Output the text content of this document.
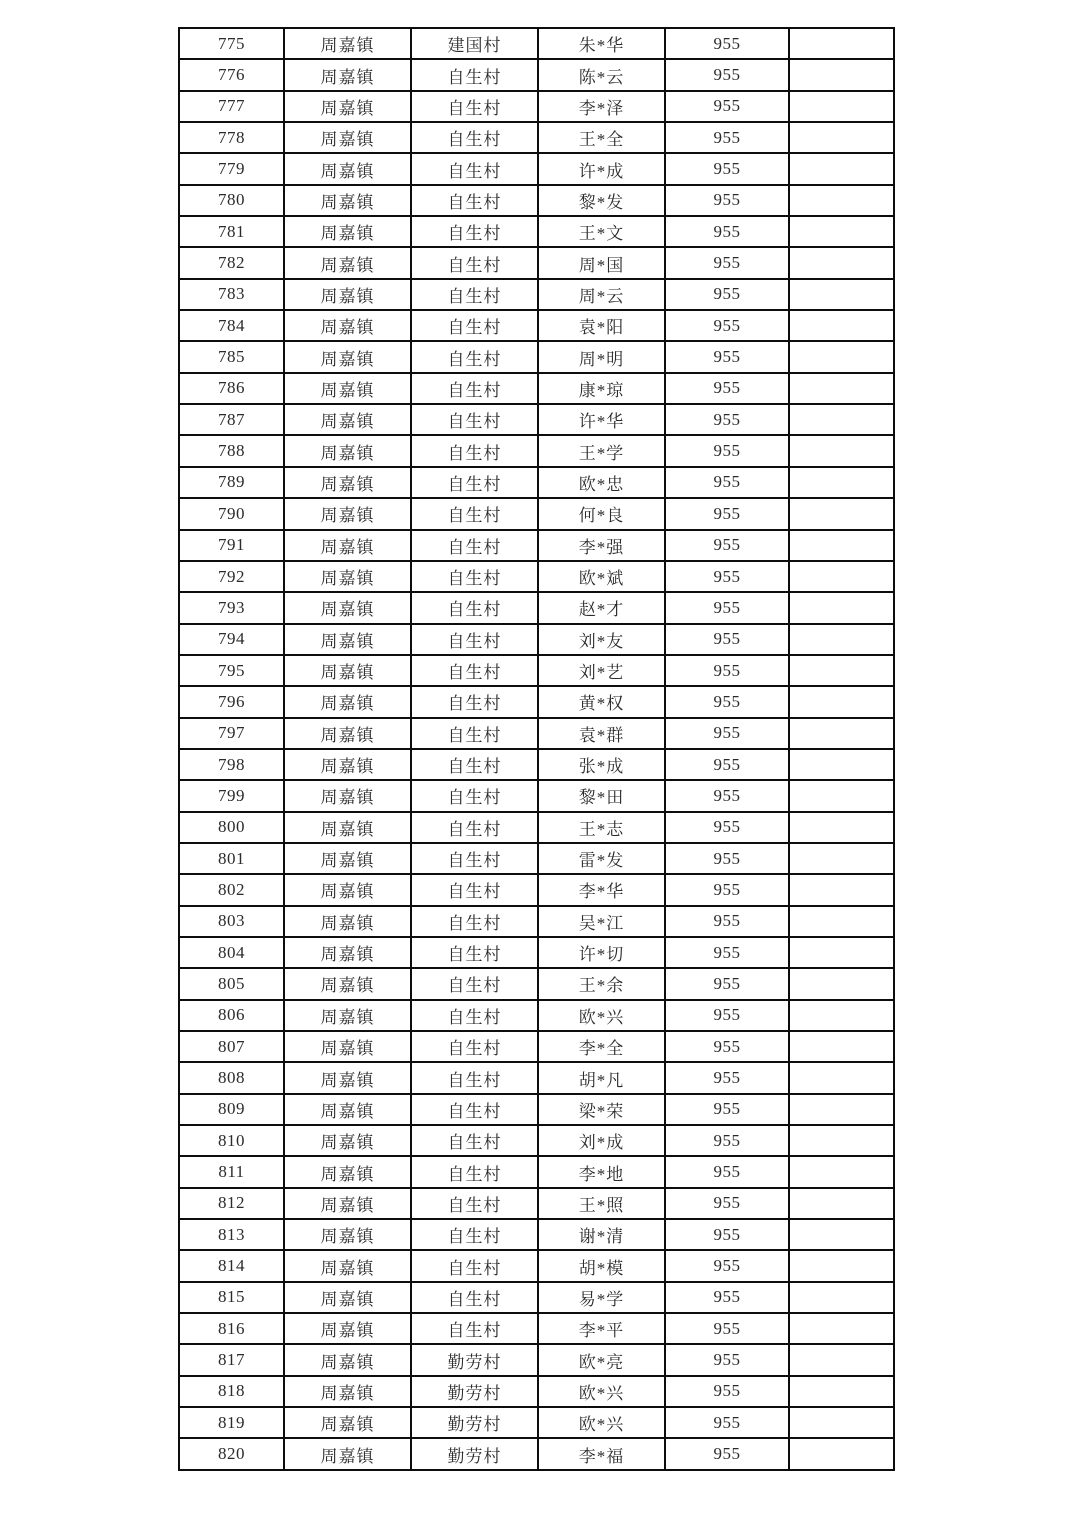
775	周嘉镇	建国村	朱*华	955	
776	周嘉镇	自生村	陈*云	955	
777	周嘉镇	自生村	李*泽	955	
778	周嘉镇	自生村	王*全	955	
779	周嘉镇	自生村	许*成	955	
780	周嘉镇	自生村	黎*发	955	
781	周嘉镇	自生村	王*文	955	
782	周嘉镇	自生村	周*国	955	
783	周嘉镇	自生村	周*云	955	
784	周嘉镇	自生村	袁*阳	955	
785	周嘉镇	自生村	周*明	955	
786	周嘉镇	自生村	康*琼	955	
787	周嘉镇	自生村	许*华	955	
788	周嘉镇	自生村	王*学	955	
789	周嘉镇	自生村	欧*忠	955	
790	周嘉镇	自生村	何*良	955	
791	周嘉镇	自生村	李*强	955	
792	周嘉镇	自生村	欧*斌	955	
793	周嘉镇	自生村	赵*才	955	
794	周嘉镇	自生村	刘*友	955	
795	周嘉镇	自生村	刘*艺	955	
796	周嘉镇	自生村	黄*权	955	
797	周嘉镇	自生村	袁*群	955	
798	周嘉镇	自生村	张*成	955	
799	周嘉镇	自生村	黎*田	955	
800	周嘉镇	自生村	王*志	955	
801	周嘉镇	自生村	雷*发	955	
802	周嘉镇	自生村	李*华	955	
803	周嘉镇	自生村	吴*江	955	
804	周嘉镇	自生村	许*切	955	
805	周嘉镇	自生村	王*余	955	
806	周嘉镇	自生村	欧*兴	955	
807	周嘉镇	自生村	李*全	955	
808	周嘉镇	自生村	胡*凡	955	
809	周嘉镇	自生村	梁*荣	955	
810	周嘉镇	自生村	刘*成	955	
811	周嘉镇	自生村	李*地	955	
812	周嘉镇	自生村	王*照	955	
813	周嘉镇	自生村	谢*清	955	
814	周嘉镇	自生村	胡*模	955	
815	周嘉镇	自生村	易*学	955	
816	周嘉镇	自生村	李*平	955	
817	周嘉镇	勤劳村	欧*亮	955	
818	周嘉镇	勤劳村	欧*兴	955	
819	周嘉镇	勤劳村	欧*兴	955	
820	周嘉镇	勤劳村	李*福	955	
